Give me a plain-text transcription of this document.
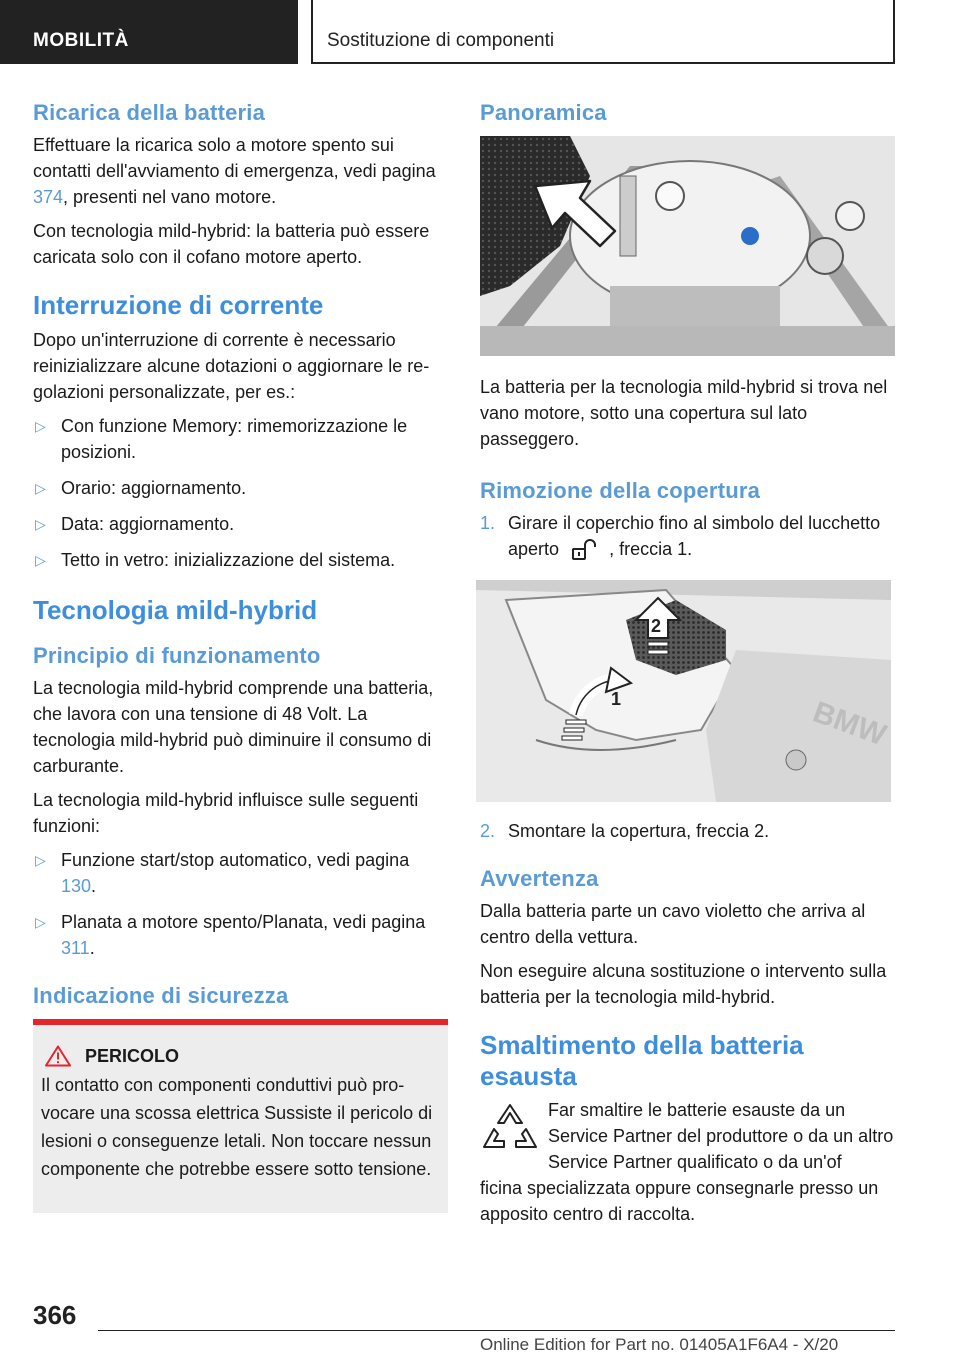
MOBILITÀ	Sostituzione di componenti
Ricarica della batteria

Effettuare la ricarica solo a motore spento sui contatti dell'avviamento di emergenza, vedi pagina 374, presenti nel vano motore.

Con tecnologia mild-hybrid: la batteria può essere caricata solo con il cofano motore aperto.

Interruzione di corrente

Dopo un'interruzione di corrente è necessario reinizializzare alcune dotazioni o aggiornare le regolazioni personalizzate, per es.:

▷ Con funzione Memory: rimemorizzazione le posizioni.
▷ Orario: aggiornamento.
▷ Data: aggiornamento.
▷ Tetto in vetro: inizializzazione del sistema.
Tecnologia mild-hybrid
Principio di funzionamento

La tecnologia mild-hybrid comprende una batteria, che lavora con una tensione di 48 Volt. La tecnologia mild-hybrid può diminuire il consumo di carburante.

La tecnologia mild-hybrid influisce sulle seguenti funzioni:

▷ Funzione start/stop automatico, vedi pagina 130.
▷ Planata a motore spento/Planata, vedi pagina 311.
Indicazione di sicurezza
PERICOLO

Il contatto con componenti conduttivi può provocare una scossa elettrica Sussiste il pericolo di lesioni o conseguenze letali. Non toccare nessun componente che potrebbe essere sotto tensione.

Panoramica

La batteria per la tecnologia mild-hybrid si trova nel vano motore, sotto una copertura sul lato passeggero.

Rimozione della copertura
1. Girare il coperchio fino al simbolo del lucchetto aperto	, freccia 1.
BMW
2
1
2. Smontare la copertura, freccia 2.
Avvertenza

Dalla batteria parte un cavo violetto che arriva al centro della vettura.

Non eseguire alcuna sostituzione o intervento sulla batteria per la tecnologia mild-hybrid.

Smaltimento della batteria esausta

Far smaltire le batterie esauste da un Service Partner del produttore o da un altro Service Partner qualificato o da un'of

ficina specializzata oppure consegnarle presso un apposito centro di raccolta.

366
Online Edition for Part no. 01405A1F6A4 - X/20
